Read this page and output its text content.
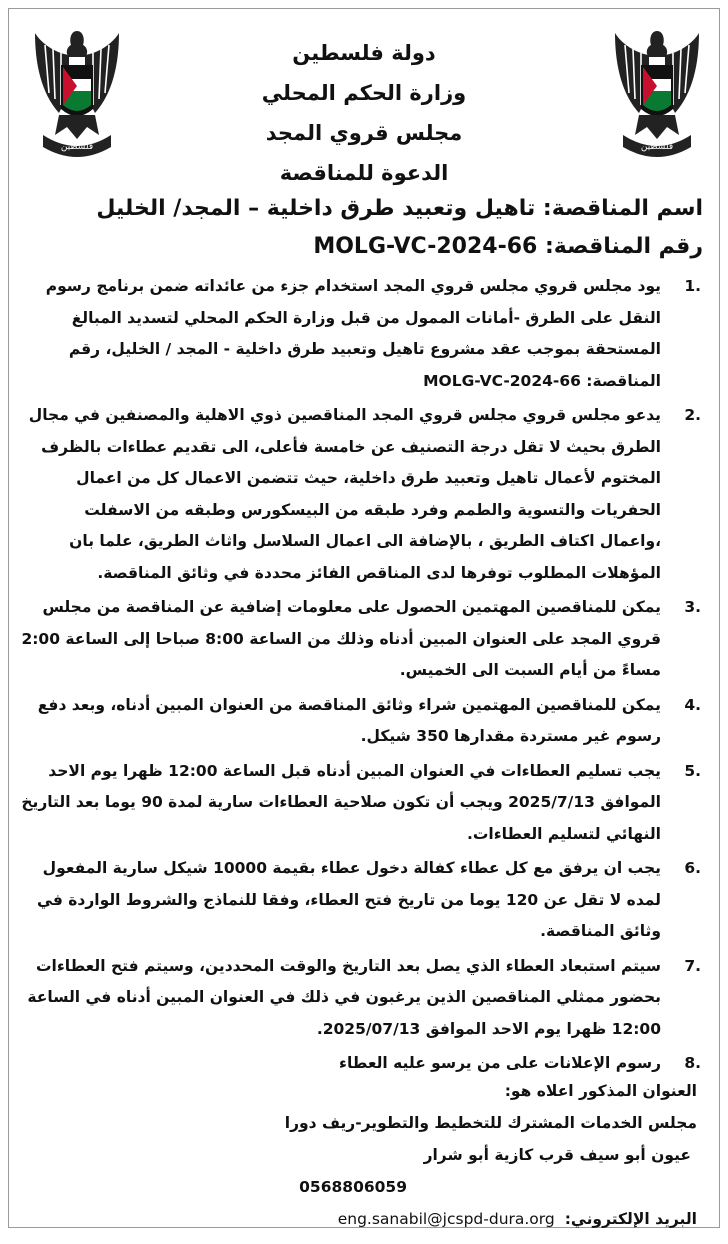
فلسطين
فلسطين
دولة فلسطين
وزارة الحكم المحلي
مجلس قروي المجد
الدعوة للمناقصة

اسم المناقصة: تاهيل وتعبيد طرق داخلية – المجد/ الخليل

رقم المناقصة: MOLG-VC-2024-66

1.
يود مجلس قروي مجلس قروي المجد استخدام جزء من عائداته ضمن برنامج رسوم النقل على الطرق -أمانات الممول من قبل وزارة الحكم المحلي لتسديد المبالغ المستحقة بموجب عقد مشروع تاهيل وتعبيد طرق داخلية - المجد / الخليل، رقم المناقصة: MOLG-VC-2024-66
2.
يدعو مجلس قروي مجلس قروي المجد المناقصين ذوي الاهلية والمصنفين في مجال الطرق بحيث لا تقل درجة التصنيف عن خامسة فأعلى، الى تقديم عطاءات بالظرف المختوم لأعمال تاهيل وتعبيد طرق داخلية، حيث تتضمن الاعمال كل من اعمال الحفريات والتسوية والطمم وفرد طبقه من البيسكورس وطبقه من الاسفلت ،واعمال اكتاف الطريق ، بالإضافة الى اعمال السلاسل واثاث الطريق، علما بان المؤهلات المطلوب توفرها لدى المناقص الفائز محددة في وثائق المناقصة.
3.
يمكن للمناقصين المهتمين الحصول على معلومات إضافية عن المناقصة من مجلس قروي المجد على العنوان المبين أدناه وذلك من الساعة 8:00 صباحا إلى الساعة 2:00 مساءً من أيام السبت الى الخميس.
4.
يمكن للمناقصين المهتمين شراء وثائق المناقصة من العنوان المبين أدناه، وبعد دفع رسوم غير مستردة مقدارها 350 شيكل.
5.
يجب تسليم العطاءات في العنوان المبين أدناه قبل الساعة 12:00 ظهرا يوم الاحد الموافق 2025/7/13 ويجب أن تكون صلاحية العطاءات سارية لمدة 90 يوما بعد التاريخ النهائي لتسليم العطاءات.
6.
يجب ان يرفق مع كل عطاء كفالة دخول عطاء بقيمة 10000 شيكل سارية المفعول لمده لا تقل عن 120 يوما من تاريخ فتح العطاء، وفقا للنماذج والشروط الواردة في وثائق المناقصة.
7.
سيتم استبعاد العطاء الذي يصل بعد التاريخ والوقت المحددين، وسيتم فتح العطاءات بحضور ممثلي المناقصين الذين يرغبون في ذلك في العنوان المبين أدناه في الساعة 12:00 ظهرا يوم الاحد الموافق 2025/07/13.
8.
رسوم الإعلانات على من يرسو عليه العطاء
العنوان المذكور اعلاه هو:
مجلس الخدمات المشترك للتخطيط والتطوير-ريف دورا
عيون أبو سيف قرب كازية أبو شرار
0568806059
البريد الإلكتروني:
eng.sanabil@jcspd-dura.org
